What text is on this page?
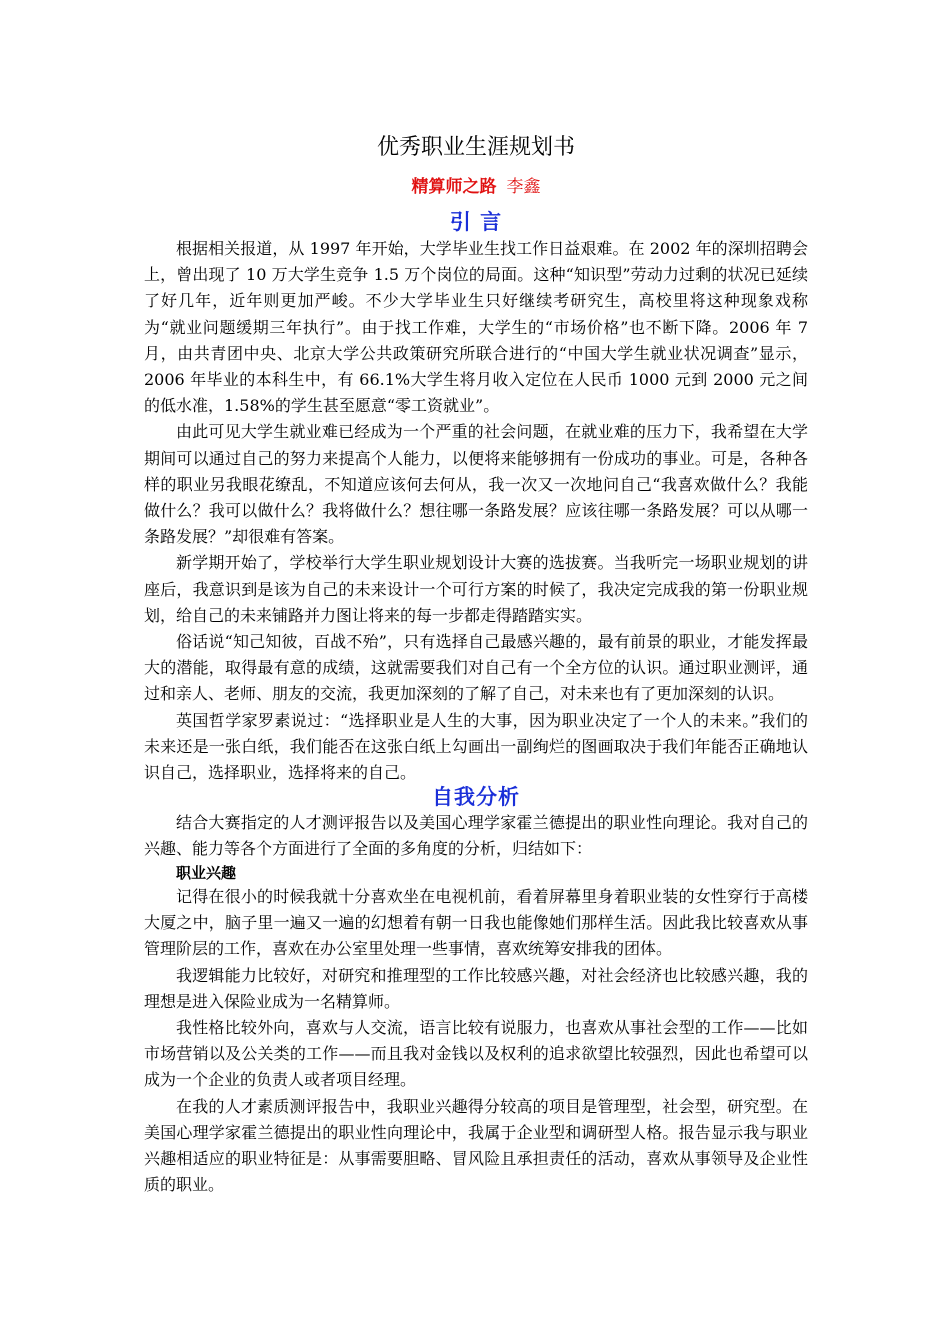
优秀职业生涯规划书
精算师之路 李鑫
引 言

根据相关报道，从 1997 年开始，大学毕业生找工作日益艰难。在 2002 年的深圳招聘会上，曾出现了 10 万大学生竞争 1.5 万个岗位的局面。这种“知识型”劳动力过剩的状况已延续了好几年，近年则更加严峻。不少大学毕业生只好继续考研究生，高校里将这种现象戏称为“就业问题缓期三年执行”。由于找工作难，大学生的“市场价格”也不断下降。2006 年 7 月，由共青团中央、北京大学公共政策研究所联合进行的“中国大学生就业状况调查”显示，2006 年毕业的本科生中，有 66.1%大学生将月收入定位在人民币 1000 元到 2000 元之间的低水准，1.58%的学生甚至愿意“零工资就业”。

由此可见大学生就业难已经成为一个严重的社会问题，在就业难的压力下，我希望在大学期间可以通过自己的努力来提高个人能力，以便将来能够拥有一份成功的事业。可是，各种各样的职业另我眼花缭乱，不知道应该何去何从，我一次又一次地问自己“我喜欢做什么？我能做什么？我可以做什么？我将做什么？想往哪一条路发展？应该往哪一条路发展？可以从哪一条路发展？”却很难有答案。

新学期开始了，学校举行大学生职业规划设计大赛的选拔赛。当我听完一场职业规划的讲座后，我意识到是该为自己的未来设计一个可行方案的时候了，我决定完成我的第一份职业规划，给自己的未来铺路并力图让将来的每一步都走得踏踏实实。

俗话说“知己知彼，百战不殆”，只有选择自己最感兴趣的，最有前景的职业，才能发挥最大的潜能，取得最有意的成绩，这就需要我们对自己有一个全方位的认识。通过职业测评，通过和亲人、老师、朋友的交流，我更加深刻的了解了自己，对未来也有了更加深刻的认识。

英国哲学家罗素说过：“选择职业是人生的大事，因为职业决定了一个人的未来。”我们的未来还是一张白纸，我们能否在这张白纸上勾画出一副绚烂的图画取决于我们年能否正确地认识自己，选择职业，选择将来的自己。

自我分析

结合大赛指定的人才测评报告以及美国心理学家霍兰德提出的职业性向理论。我对自己的兴趣、能力等各个方面进行了全面的多角度的分析，归结如下：

职业兴趣

记得在很小的时候我就十分喜欢坐在电视机前，看着屏幕里身着职业装的女性穿行于高楼大厦之中，脑子里一遍又一遍的幻想着有朝一日我也能像她们那样生活。因此我比较喜欢从事管理阶层的工作，喜欢在办公室里处理一些事情，喜欢统筹安排我的团体。

我逻辑能力比较好，对研究和推理型的工作比较感兴趣，对社会经济也比较感兴趣，我的理想是进入保险业成为一名精算师。

我性格比较外向，喜欢与人交流，语言比较有说服力，也喜欢从事社会型的工作——比如市场营销以及公关类的工作——而且我对金钱以及权利的追求欲望比较强烈，因此也希望可以成为一个企业的负责人或者项目经理。

在我的人才素质测评报告中，我职业兴趣得分较高的项目是管理型，社会型，研究型。在美国心理学家霍兰德提出的职业性向理论中，我属于企业型和调研型人格。报告显示我与职业兴趣相适应的职业特征是：从事需要胆略、冒风险且承担责任的活动，喜欢从事领导及企业性质的职业。
